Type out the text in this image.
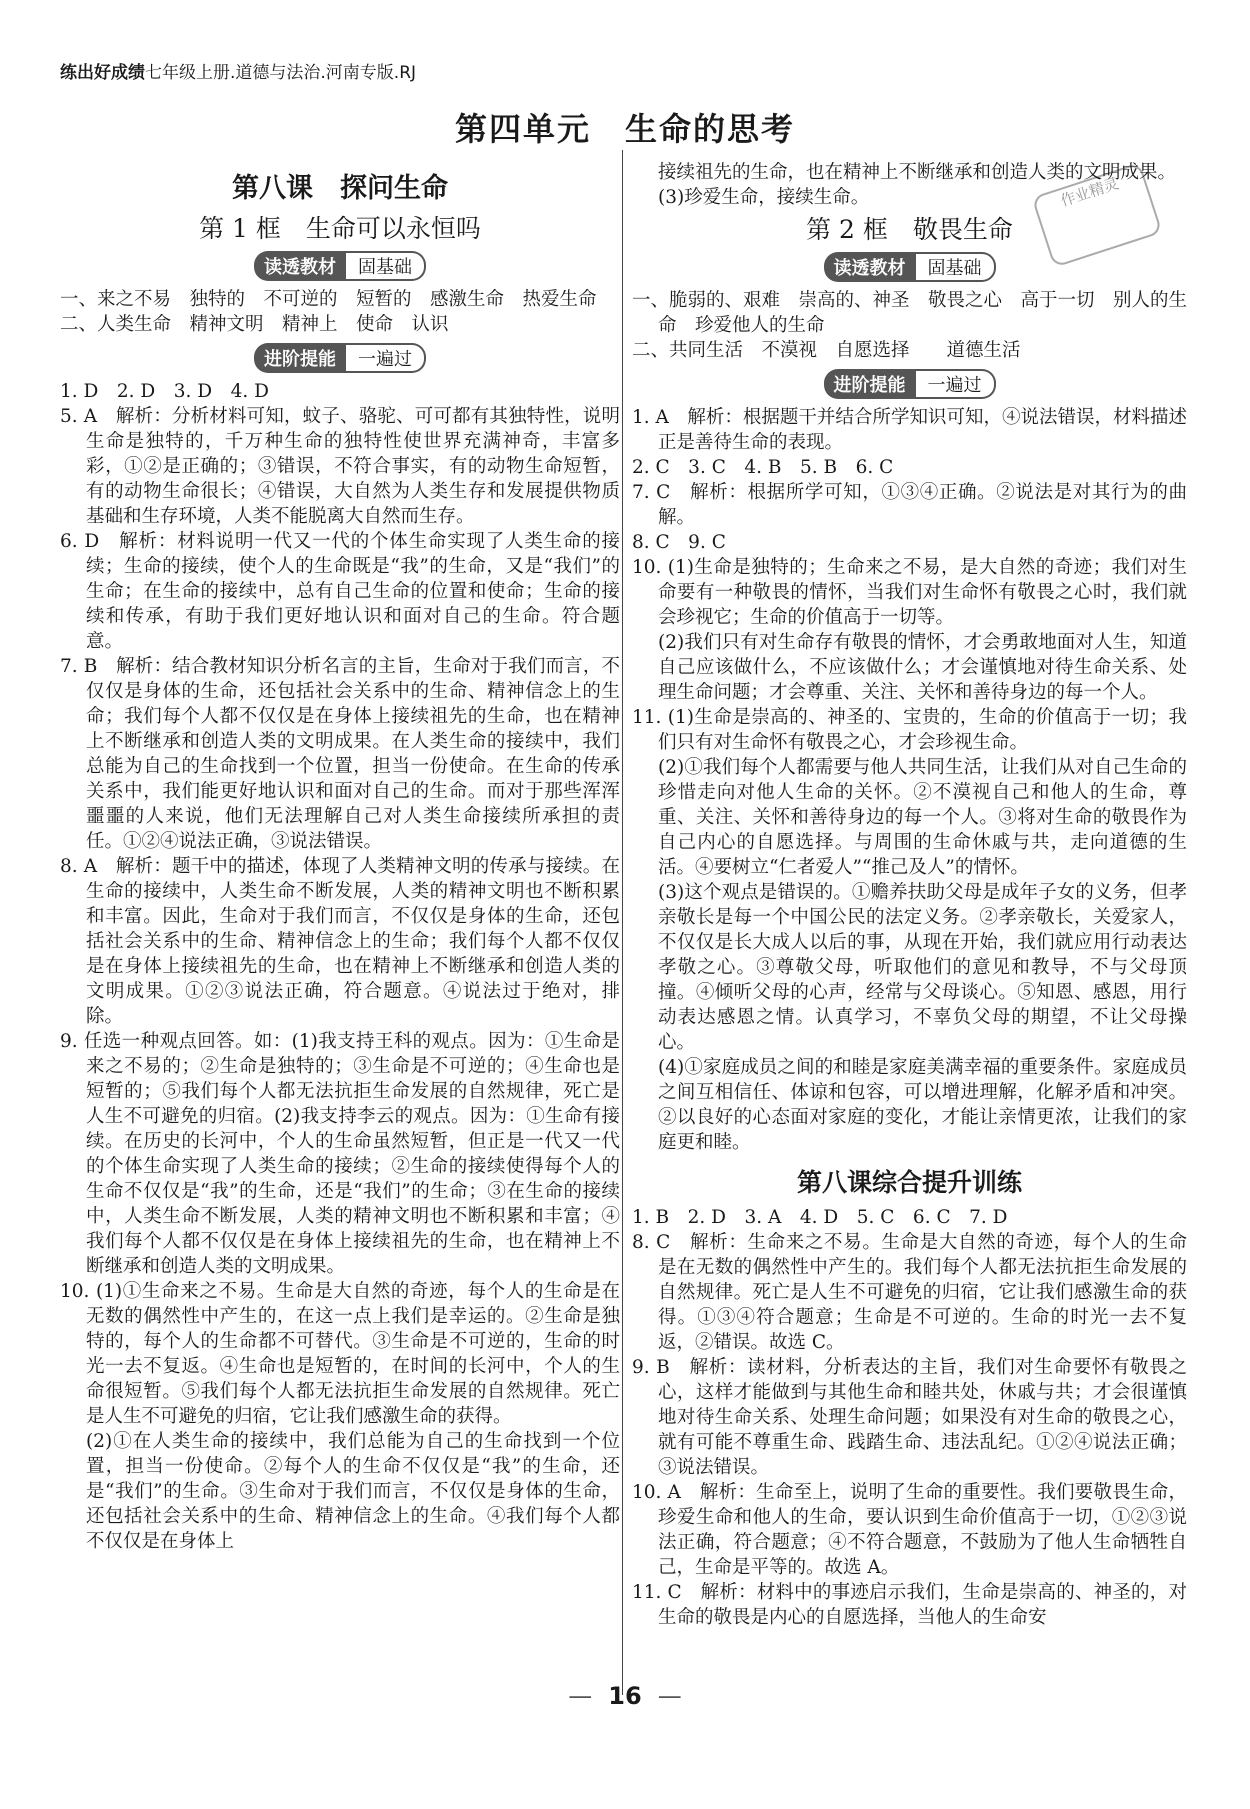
练出好成绩七年级上册.道德与法治.河南专版.RJ
第四单元　生命的思考
作业精灵
第八课　探问生命
第 1 框　生命可以永恒吗
读透教材	固基础

一、来之不易　独特的　不可逆的　短暂的　感激生命　热爱生命

二、人类生命　精神文明　精神上　使命　认识

进阶提能	一遍过

1. D　2. D　3. D　4. D

5. A　解析：分析材料可知，蚊子、骆驼、可可都有其独特性，说明生命是独特的，千万种生命的独特性使世界充满神奇，丰富多彩，①②是正确的；③错误，不符合事实，有的动物生命短暂，有的动物生命很长；④错误，大自然为人类生存和发展提供物质基础和生存环境，人类不能脱离大自然而生存。

6. D　解析：材料说明一代又一代的个体生命实现了人类生命的接续；生命的接续，使个人的生命既是“我”的生命，又是“我们”的生命；在生命的接续中，总有自己生命的位置和使命；生命的接续和传承，有助于我们更好地认识和面对自己的生命。符合题意。

7. B　解析：结合教材知识分析名言的主旨，生命对于我们而言，不仅仅是身体的生命，还包括社会关系中的生命、精神信念上的生命；我们每个人都不仅仅是在身体上接续祖先的生命，也在精神上不断继承和创造人类的文明成果。在人类生命的接续中，我们总能为自己的生命找到一个位置，担当一份使命。在生命的传承关系中，我们能更好地认识和面对自己的生命。而对于那些浑浑噩噩的人来说，他们无法理解自己对人类生命接续所承担的责任。①②④说法正确，③说法错误。

8. A　解析：题干中的描述，体现了人类精神文明的传承与接续。在生命的接续中，人类生命不断发展，人类的精神文明也不断积累和丰富。因此，生命对于我们而言，不仅仅是身体的生命，还包括社会关系中的生命、精神信念上的生命；我们每个人都不仅仅是在身体上接续祖先的生命，也在精神上不断继承和创造人类的文明成果。①②③说法正确，符合题意。④说法过于绝对，排除。

9. 任选一种观点回答。如：(1)我支持王科的观点。因为：①生命是来之不易的；②生命是独特的；③生命是不可逆的；④生命也是短暂的；⑤我们每个人都无法抗拒生命发展的自然规律，死亡是人生不可避免的归宿。(2)我支持李云的观点。因为：①生命有接续。在历史的长河中，个人的生命虽然短暂，但正是一代又一代的个体生命实现了人类生命的接续；②生命的接续使得每个人的生命不仅仅是“我”的生命，还是“我们”的生命；③在生命的接续中，人类生命不断发展，人类的精神文明也不断积累和丰富；④我们每个人都不仅仅是在身体上接续祖先的生命，也在精神上不断继承和创造人类的文明成果。

10. (1)①生命来之不易。生命是大自然的奇迹，每个人的生命是在无数的偶然性中产生的，在这一点上我们是幸运的。②生命是独特的，每个人的生命都不可替代。③生命是不可逆的，生命的时光一去不复返。④生命也是短暂的，在时间的长河中，个人的生命很短暂。⑤我们每个人都无法抗拒生命发展的自然规律。死亡是人生不可避免的归宿，它让我们感激生命的获得。

(2)①在人类生命的接续中，我们总能为自己的生命找到一个位置，担当一份使命。②每个人的生命不仅仅是“我”的生命，还是“我们”的生命。③生命对于我们而言，不仅仅是身体的生命，还包括社会关系中的生命、精神信念上的生命。④我们每个人都不仅仅是在身体上

接续祖先的生命，也在精神上不断继承和创造人类的文明成果。

(3)珍爱生命，接续生命。

第 2 框　敬畏生命
读透教材	固基础

一、脆弱的、艰难　崇高的、神圣　敬畏之心　高于一切　别人的生命　珍爱他人的生命

二、共同生活　不漠视　自愿选择　　道德生活

进阶提能	一遍过

1. A　解析：根据题干并结合所学知识可知，④说法错误，材料描述正是善待生命的表现。

2. C　3. C　4. B　5. B　6. C

7. C　解析：根据所学可知，①③④正确。②说法是对其行为的曲解。

8. C　9. C

10. (1)生命是独特的；生命来之不易，是大自然的奇迹；我们对生命要有一种敬畏的情怀，当我们对生命怀有敬畏之心时，我们就会珍视它；生命的价值高于一切等。

(2)我们只有对生命存有敬畏的情怀，才会勇敢地面对人生，知道自己应该做什么，不应该做什么；才会谨慎地对待生命关系、处理生命问题；才会尊重、关注、关怀和善待身边的每一个人。

11. (1)生命是崇高的、神圣的、宝贵的，生命的价值高于一切；我们只有对生命怀有敬畏之心，才会珍视生命。

(2)①我们每个人都需要与他人共同生活，让我们从对自己生命的珍惜走向对他人生命的关怀。②不漠视自己和他人的生命，尊重、关注、关怀和善待身边的每一个人。③将对生命的敬畏作为自己内心的自愿选择。与周围的生命休戚与共，走向道德的生活。④要树立“仁者爱人”“推己及人”的情怀。

(3)这个观点是错误的。①赡养扶助父母是成年子女的义务，但孝亲敬长是每一个中国公民的法定义务。②孝亲敬长，关爱家人，不仅仅是长大成人以后的事，从现在开始，我们就应用行动表达孝敬之心。③尊敬父母，听取他们的意见和教导，不与父母顶撞。④倾听父母的心声，经常与父母谈心。⑤知恩、感恩，用行动表达感恩之情。认真学习，不辜负父母的期望，不让父母操心。

(4)①家庭成员之间的和睦是家庭美满幸福的重要条件。家庭成员之间互相信任、体谅和包容，可以增进理解，化解矛盾和冲突。②以良好的心态面对家庭的变化，才能让亲情更浓，让我们的家庭更和睦。

第八课综合提升训练

1. B　2. D　3. A　4. D　5. C　6. C　7. D

8. C　解析：生命来之不易。生命是大自然的奇迹，每个人的生命是在无数的偶然性中产生的。我们每个人都无法抗拒生命发展的自然规律。死亡是人生不可避免的归宿，它让我们感激生命的获得。①③④符合题意；生命是不可逆的。生命的时光一去不复返，②错误。故选 C。

9. B　解析：读材料，分析表达的主旨，我们对生命要怀有敬畏之心，这样才能做到与其他生命和睦共处，休戚与共；才会很谨慎地对待生命关系、处理生命问题；如果没有对生命的敬畏之心，就有可能不尊重生命、践踏生命、违法乱纪。①②④说法正确；③说法错误。

10. A　解析：生命至上，说明了生命的重要性。我们要敬畏生命，珍爱生命和他人的生命，要认识到生命价值高于一切，①②③说法正确，符合题意；④不符合题意，不鼓励为了他人生命牺牲自己，生命是平等的。故选 A。

11. C　解析：材料中的事迹启示我们，生命是崇高的、神圣的，对生命的敬畏是内心的自愿选择，当他人的生命安

— 16 —
